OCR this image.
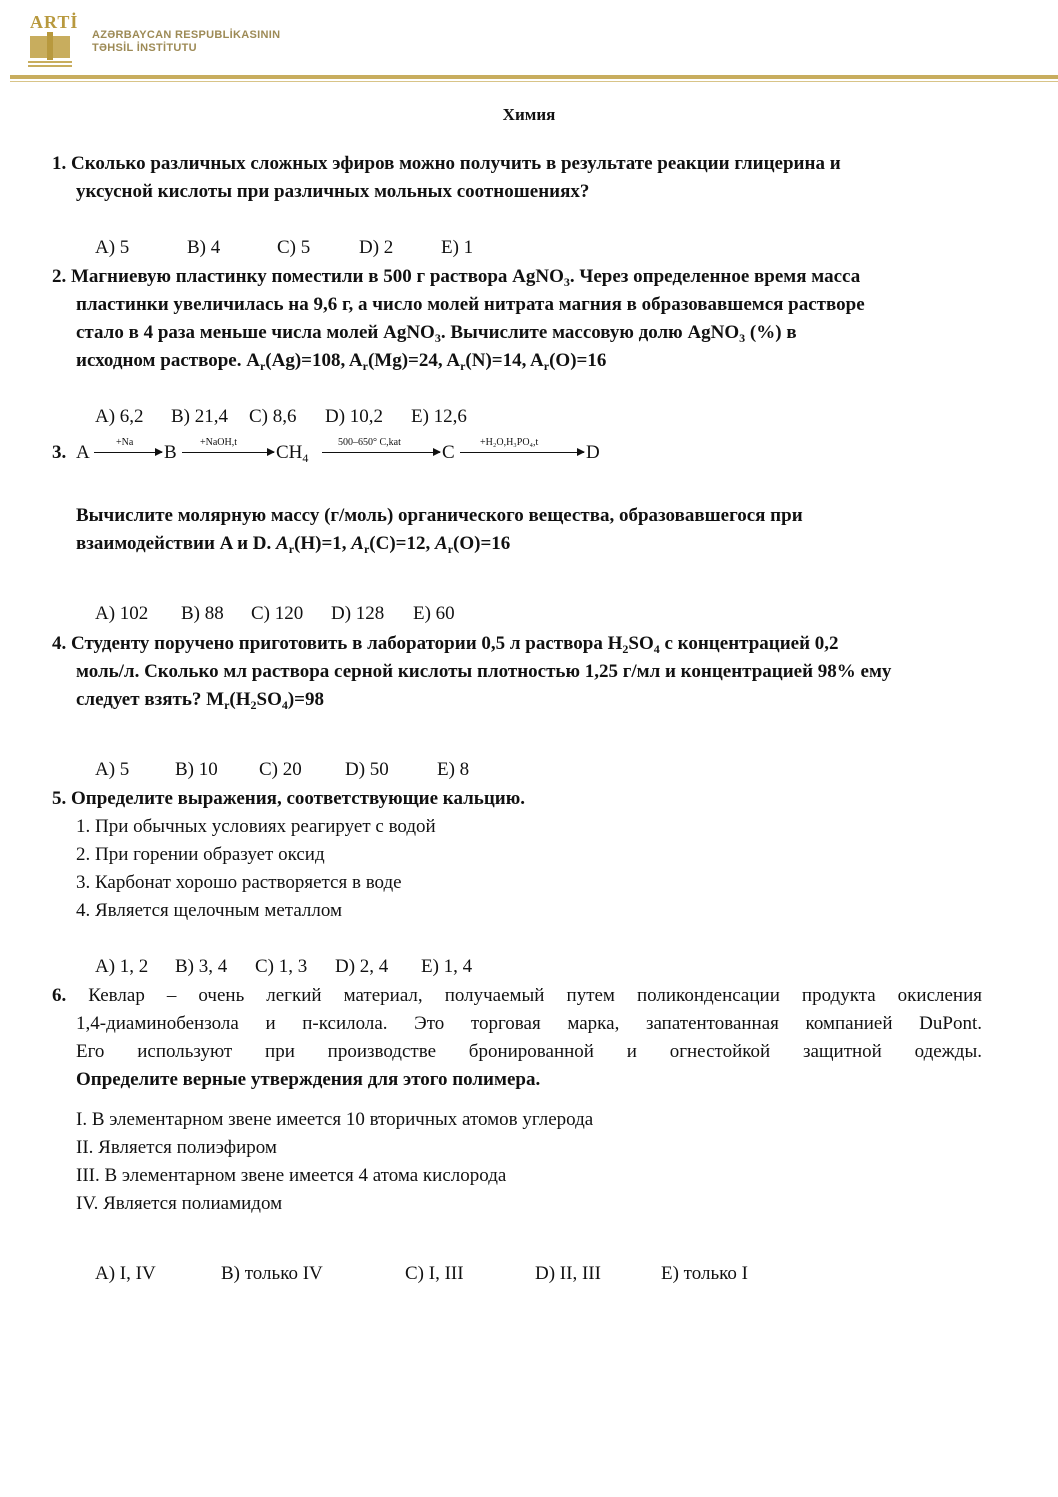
ARTİ
AZƏRBAYCAN RESPUBLİKASININ
TƏHSİL İNSTİTUTU
Химия
1. Сколько различных сложных эфиров можно получить в результате реакции глицерина и
уксусной кислоты при различных мольных соотношениях?

A) 5	B) 4	C) 5	D) 2	E) 1

2. Магниевую пластинку поместили в 500 г раствора AgNO$_3$. Через определенное время масса
пластинки увеличилась на 9,6 г, а число молей нитрата магния в образовавшемся растворе
стало в 4 раза меньше числа молей AgNO$_3$. Вычислите массовую долю AgNO$_3$ (%) в
исходном растворе. $A_r(Ag)=108$, $A_r(Mg)=24$, $A_r(N)=14$, $A_r(O)=16$

A) 6,2 B) 21,4 C) 8,6 D) 10,2 E) 12,6

3. A	+Na B +NaOH,t $CH_4$
500–650° C,kat C	+H₂O,H₃PO₄,t	D
Вычислите молярную массу (г/моль) органического вещества, образовавшегося при
взаимодействии A и D. $A_r(H)=1$, $A_r(C)=12$, $A_r(O)=16$

A) 102 B) 88 C) 120 D) 128 E) 60

4. Студенту поручено приготовить в лаборатории 0,5 л раствора $H_2SO_4$ с концентрацией 0,2
моль/л. Сколько мл раствора серной кислоты плотностью 1,25 г/мл и концентрацией 98% ему
следует взять? $M_r(H_2SO_4)=98$

A) 5 B) 10 C) 20 D) 50	E) 8

5. Определите выражения, соответствующие кальцию.
1. При обычных условиях реагирует с водой
2. При горении образует оксид
3. Карбонат хорошо растворяется в воде
4. Является щелочным металлом

A) 1, 2 B) 3, 4 C) 1, 3 D) 2, 4 E) 1, 4

6. Кевлар – очень легкий материал, получаемый путем поликонденсации продукта окисления
1,4-диаминобензола и п-ксилола. Это торговая марка, запатентованная компанией DuPont.
Его используют при производстве бронированной и огнестойкой защитной одежды.
Определите верные утверждения для этого полимера.
I. В элементарном звене имеется 10 вторичных атомов углерода
II. Является полиэфиром
III. В элементарном звене имеется 4 атома кислорода
IV. Является полиамидом

A) I, IV	B) только IV	C) I, III	D) II, III	E) только I
